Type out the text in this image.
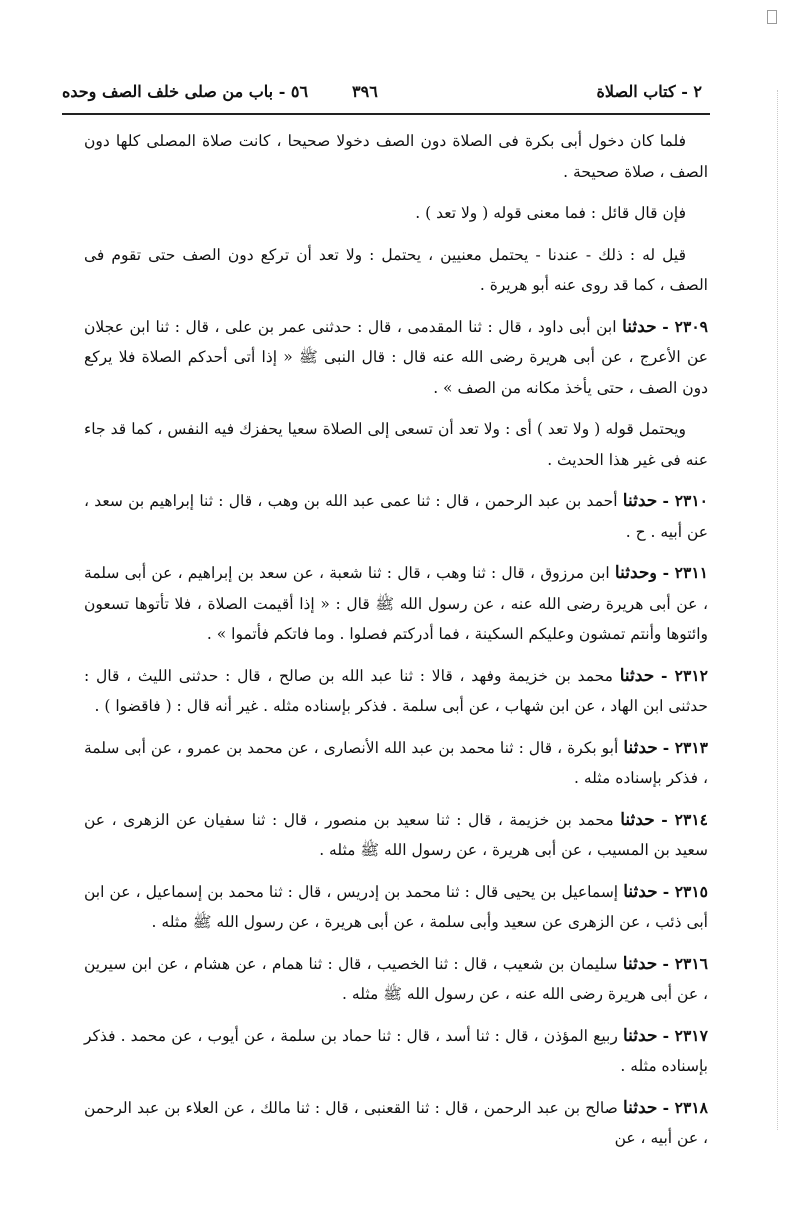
٢ - كتاب الصلاة
٣٩٦
٥٦ - باب من صلى خلف الصف وحده

فلما كان دخول أبى بكرة فى الصلاة دون الصف دخولا صحيحا ، كانت صلاة المصلى كلها دون الصف ، صلاة صحيحة .

فإن قال قائل : فما معنى قوله ( ولا تعد ) .

قيل له : ذلك - عندنا - يحتمل معنيين ، يحتمل : ولا تعد أن تركع دون الصف حتى تقوم فى الصف ، كما قد روى عنه أبو هريرة .

٢٣٠٩ - حدثنا ابن أبى داود ، قال : ثنا المقدمى ، قال : حدثنى عمر بن على ، قال : ثنا ابن عجلان عن الأعرج ، عن أبى هريرة رضى الله عنه قال : قال النبى ﷺ « إذا أتى أحدكم الصلاة فلا يركع دون الصف ، حتى يأخذ مكانه من الصف » .

ويحتمل قوله ( ولا تعد ) أى : ولا تعد أن تسعى إلى الصلاة سعيا يحفزك فيه النفس ، كما قد جاء عنه فى غير هذا الحديث .

٢٣١٠ - حدثنا أحمد بن عبد الرحمن ، قال : ثنا عمى عبد الله بن وهب ، قال : ثنا إبراهيم بن سعد ، عن أبيه . ح .

٢٣١١ - وحدثنا ابن مرزوق ، قال : ثنا وهب ، قال : ثنا شعبة ، عن سعد بن إبراهيم ، عن أبى سلمة ، عن أبى هريرة رضى الله عنه ، عن رسول الله ﷺ قال : « إذا أقيمت الصلاة ، فلا تأتوها تسعون وائتوها وأنتم تمشون وعليكم السكينة ، فما أدركتم فصلوا . وما فاتكم فأتموا » .

٢٣١٢ - حدثنا محمد بن خزيمة وفهد ، قالا : ثنا عبد الله بن صالح ، قال : حدثنى الليث ، قال : حدثنى ابن الهاد ، عن ابن شهاب ، عن أبى سلمة . فذكر بإسناده مثله . غير أنه قال : ( فاقضوا ) .

٢٣١٣ - حدثنا أبو بكرة ، قال : ثنا محمد بن عبد الله الأنصارى ، عن محمد بن عمرو ، عن أبى سلمة ، فذكر بإسناده مثله .

٢٣١٤ - حدثنا محمد بن خزيمة ، قال : ثنا سعيد بن منصور ، قال : ثنا سفيان عن الزهرى ، عن سعيد بن المسيب ، عن أبى هريرة ، عن رسول الله ﷺ مثله .

٢٣١٥ - حدثنا إسماعيل بن يحيى قال : ثنا محمد بن إدريس ، قال : ثنا محمد بن إسماعيل ، عن ابن أبى ذئب ، عن الزهرى عن سعيد وأبى سلمة ، عن أبى هريرة ، عن رسول الله ﷺ مثله .

٢٣١٦ - حدثنا سليمان بن شعيب ، قال : ثنا الخصيب ، قال : ثنا همام ، عن هشام ، عن ابن سيرين ، عن أبى هريرة رضى الله عنه ، عن رسول الله ﷺ مثله .

٢٣١٧ - حدثنا ربيع المؤذن ، قال : ثنا أسد ، قال : ثنا حماد بن سلمة ، عن أيوب ، عن محمد . فذكر بإسناده مثله .

٢٣١٨ - حدثنا صالح بن عبد الرحمن ، قال : ثنا القعنبى ، قال : ثنا مالك ، عن العلاء بن عبد الرحمن ، عن أبيه ، عن
